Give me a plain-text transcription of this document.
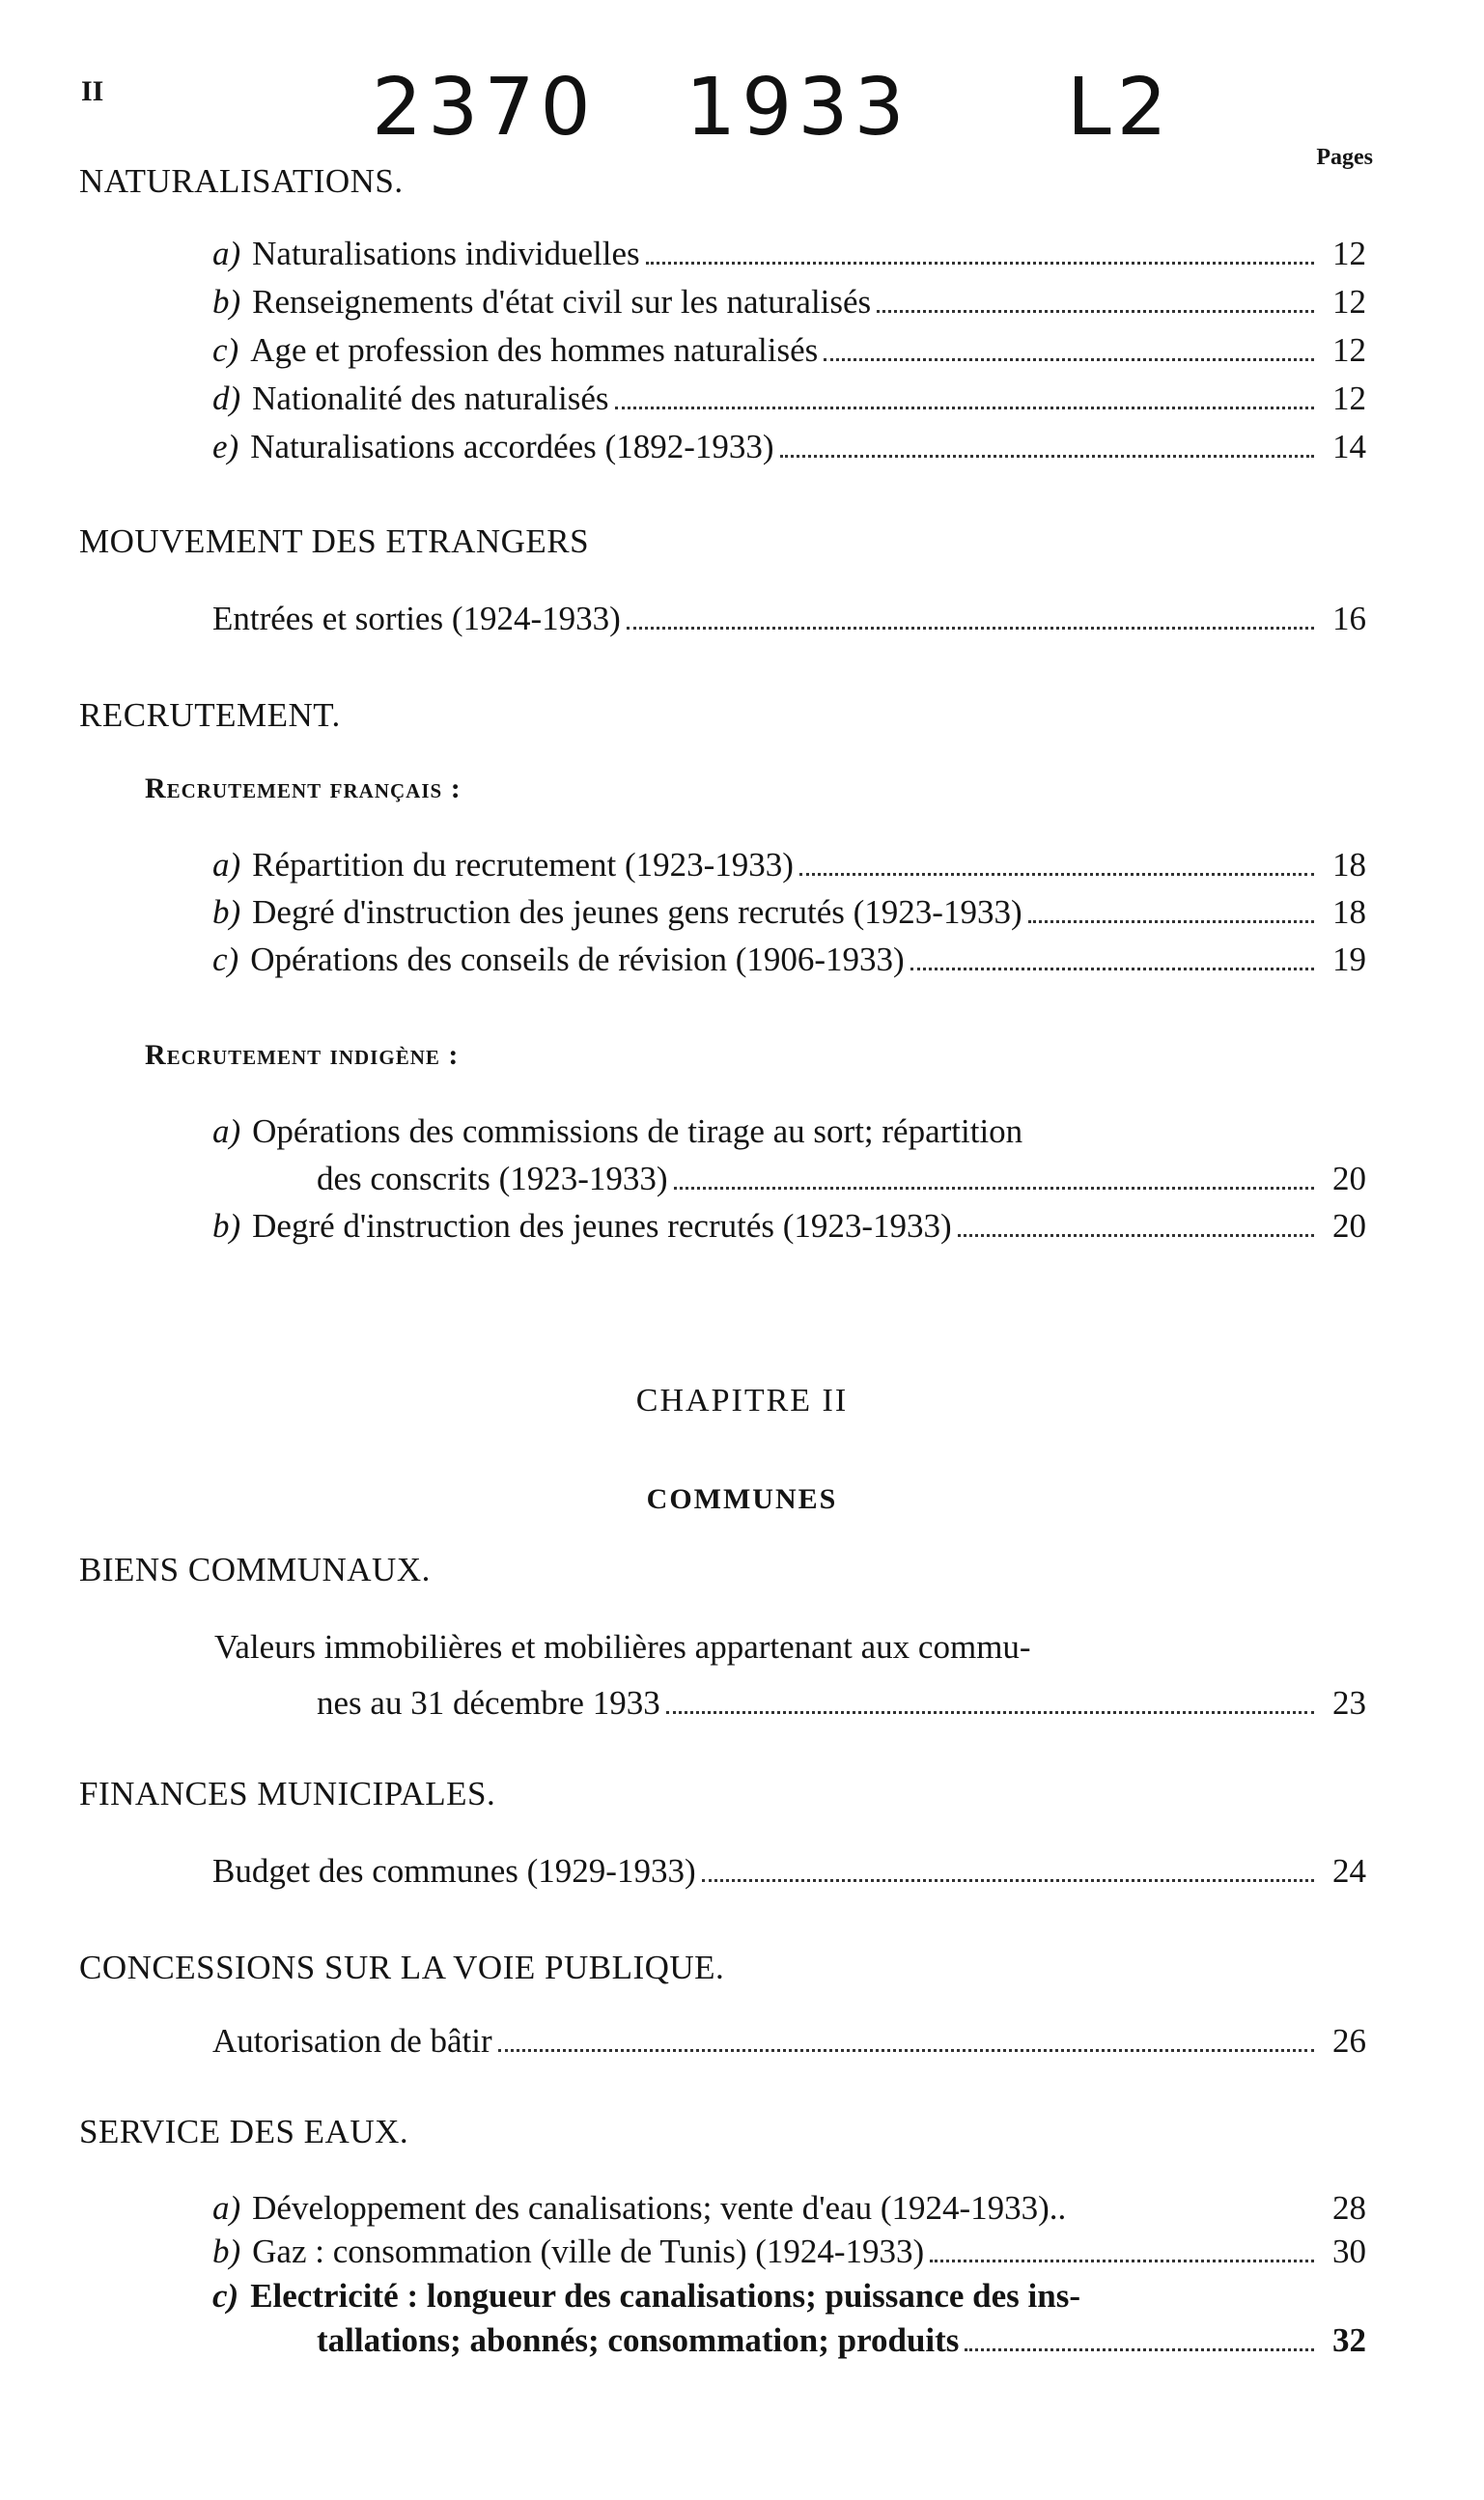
II	2370 1933 L2
Pages
NATURALISATIONS.
a) Naturalisations individuelles	12
b) Renseignements d'état civil sur les naturalisés	12
c) Age et profession des hommes naturalisés	12
d) Nationalité des naturalisés	12
e) Naturalisations accordées (1892-1933)	14
MOUVEMENT DES ETRANGERS
Entrées et sorties (1924-1933)	16
RECRUTEMENT.
Recrutement français :
a) Répartition du recrutement (1923-1933)	18
b) Degré d'instruction des jeunes gens recrutés (1923-1933)	18
c) Opérations des conseils de révision (1906-1933)	19
Recrutement indigène :
a) Opérations des commissions de tirage au sort; répartition
des conscrits (1923-1933)	20
b) Degré d'instruction des jeunes recrutés (1923-1933)	20
CHAPITRE II
COMMUNES
BIENS COMMUNAUX.
Valeurs immobilières et mobilières appartenant aux commu-
nes au 31 décembre 1933	23
FINANCES MUNICIPALES.
Budget des communes (1929-1933)	24
CONCESSIONS SUR LA VOIE PUBLIQUE.
Autorisation de bâtir	26
SERVICE DES EAUX.
a) Développement des canalisations; vente d'eau (1924-1933)..	28
b) Gaz : consommation (ville de Tunis) (1924-1933)	30
c) Electricité : longueur des canalisations; puissance des ins-
tallations; abonnés; consommation; produits	32
